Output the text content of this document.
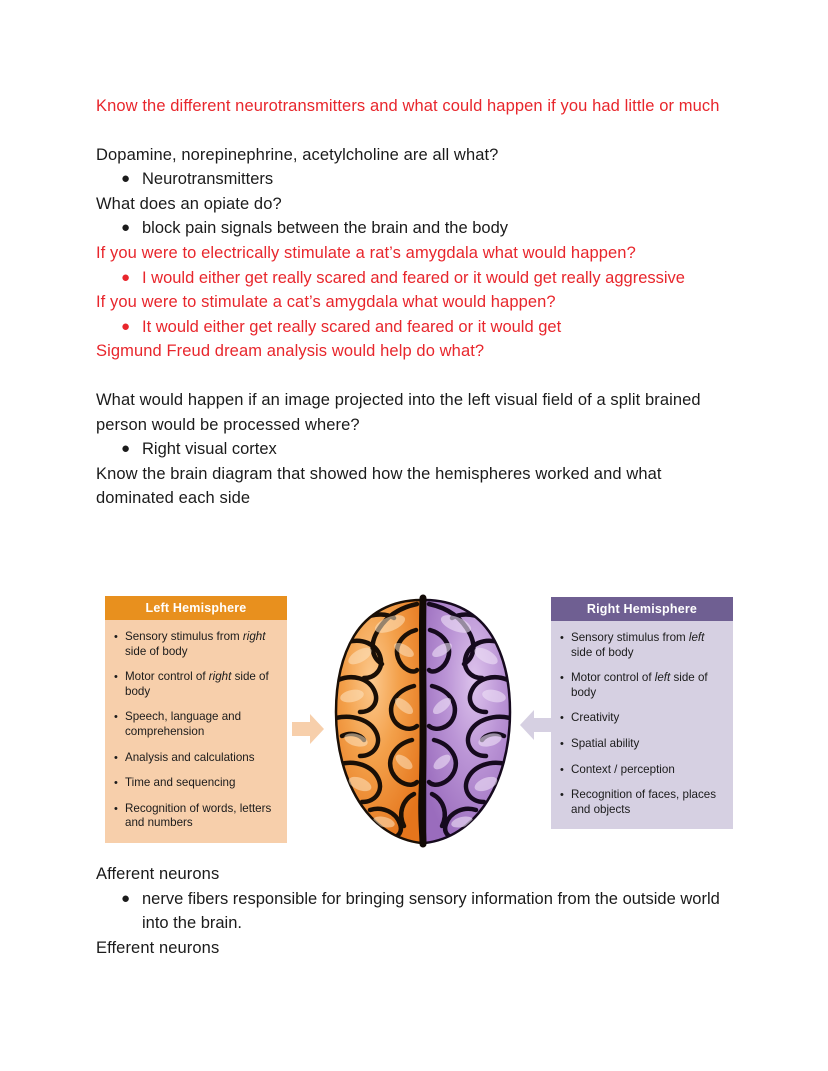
Know the different neurotransmitters and what could happen if you had little or much
Dopamine, norepinephrine, acetylcholine are all what?
● Neurotransmitters
What does an opiate do?
● block pain signals between the brain and the body
If you were to electrically stimulate a rat’s amygdala what would happen?
● I would either get really scared and feared or it would get really aggressive
If you were to stimulate a cat’s amygdala what would happen?
● It would either get really scared and feared or it would get
Sigmund Freud dream analysis would help do what?
What would happen if an image projected into the left visual field of a split brained person would be processed where?
● Right visual cortex
Know the brain diagram that showed how the hemispheres worked and what dominated each side
Left Hemisphere
• Sensory stimulus from right side of body
• Motor control of right side of body
• Speech, language and comprehension
• Analysis and calculations
• Time and sequencing
• Recognition of words, letters and numbers
Right Hemisphere
• Sensory stimulus from left side of body
• Motor control of left side of body
• Creativity
• Spatial ability
• Context / perception
• Recognition of faces, places and objects
Afferent neurons
● nerve fibers responsible for bringing sensory information from the outside world into the brain.
Efferent neurons
